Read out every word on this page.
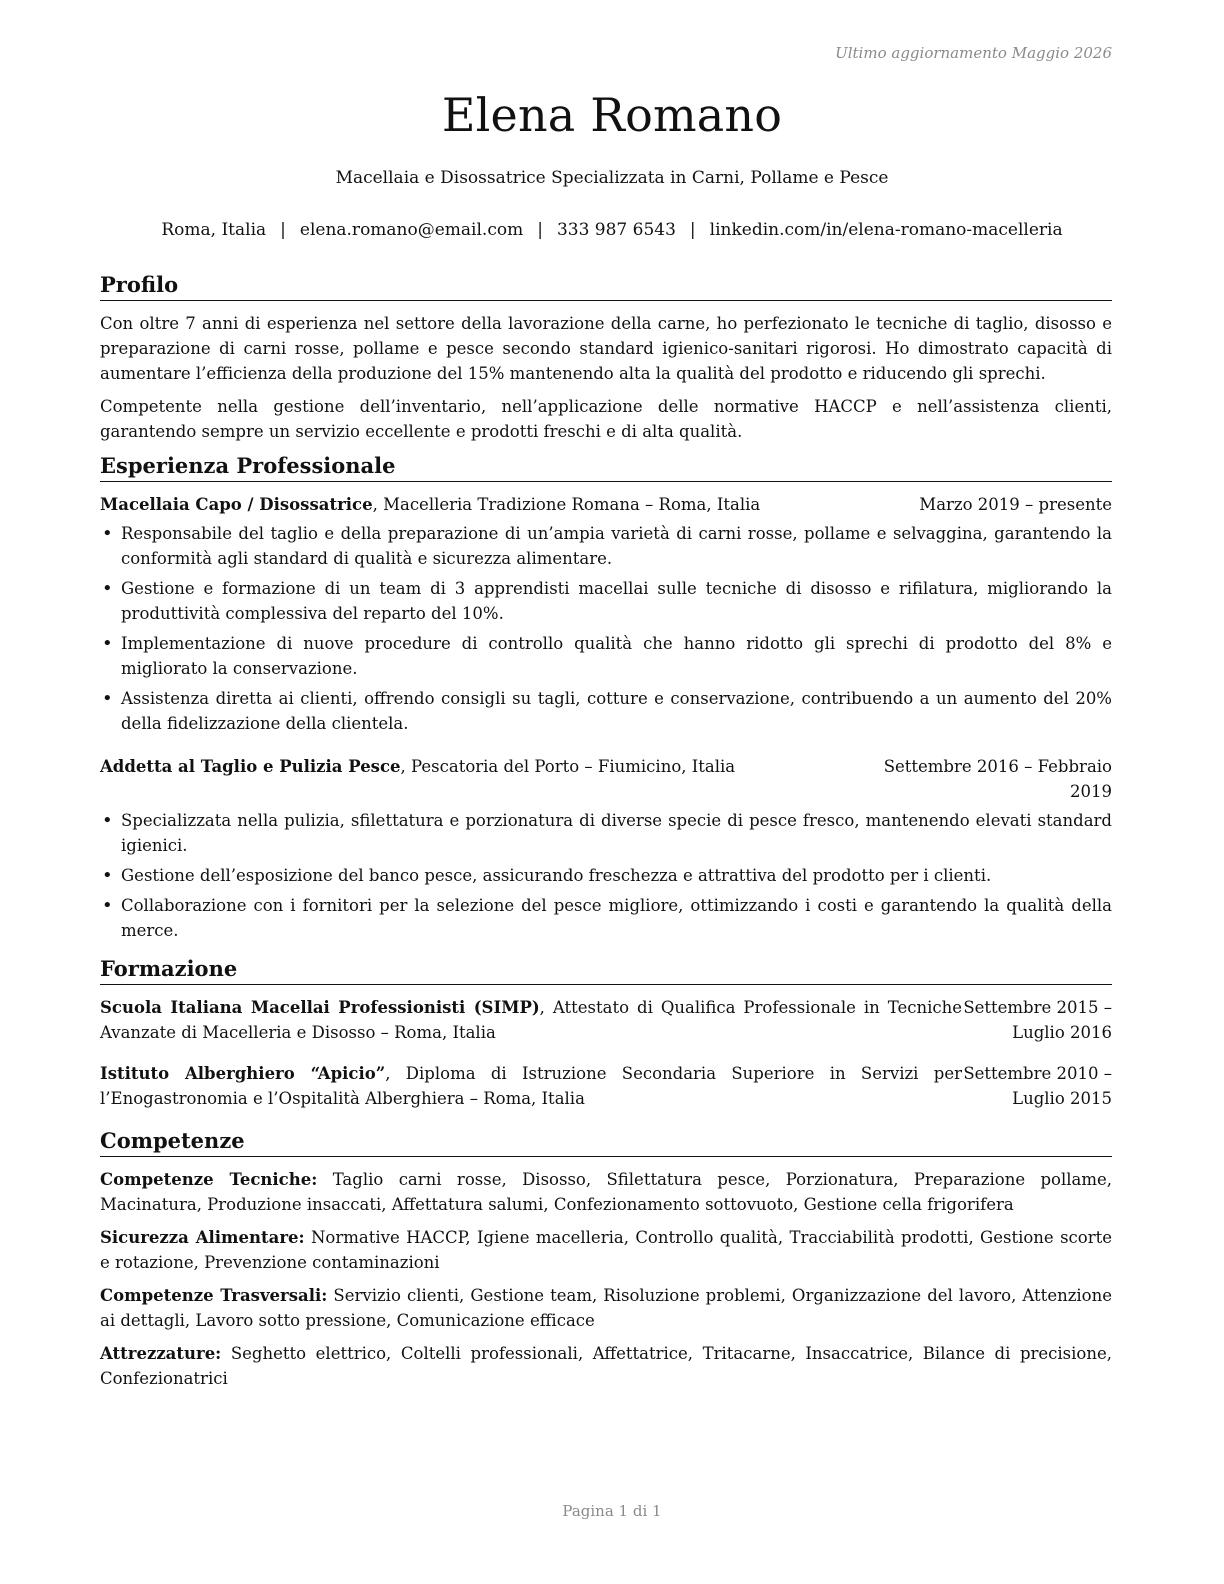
Ultimo aggiornamento Maggio 2026
Elena Romano
Macellaia e Disossatrice Specializzata in Carni, Pollame e Pesce
Roma, Italia | elena.romano@email.com | 333 987 6543 | linkedin.com/in/elena-romano-macelleria
Profilo

Con oltre 7 anni di esperienza nel settore della lavorazione della carne, ho perfezionato le tecniche di taglio, disosso e preparazione di carni rosse, pollame e pesce secondo standard igienico-sanitari rigorosi. Ho dimostrato capacità di aumentare l’efficienza della produzione del 15% mantenendo alta la qualità del prodotto e riducendo gli sprechi.

Competente nella gestione dell’inventario, nell’applicazione delle normative HACCP e nell’assistenza clienti, garantendo sempre un servizio eccellente e prodotti freschi e di alta qualità.

Esperienza Professionale
Macellaia Capo / Disossatrice, Macelleria Tradizione Romana – Roma, Italia	Marzo 2019 – presente
• Responsabile del taglio e della preparazione di un’ampia varietà di carni rosse, pollame e selvaggina, garantendo la conformità agli standard di qualità e sicurezza alimentare.
• Gestione e formazione di un team di 3 apprendisti macellai sulle tecniche di disosso e rifilatura, migliorando la produttività complessiva del reparto del 10%.
• Implementazione di nuove procedure di controllo qualità che hanno ridotto gli sprechi di prodotto del 8% e migliorato la conservazione.
• Assistenza diretta ai clienti, offrendo consigli su tagli, cotture e conservazione, contribuendo a un aumento del 20% della fidelizzazione della clientela.
Addetta al Taglio e Pulizia Pesce, Pescatoria del Porto – Fiumicino, Italia	Settembre 2016 – Febbraio 2019
• Specializzata nella pulizia, sfilettatura e porzionatura di diverse specie di pesce fresco, mantenendo elevati standard igienici.
• Gestione dell’esposizione del banco pesce, assicurando freschezza e attrattiva del prodotto per i clienti.
• Collaborazione con i fornitori per la selezione del pesce migliore, ottimizzando i costi e garantendo la qualità della merce.
Formazione
Scuola Italiana Macellai Professionisti (SIMP), Attestato di Qualifica Professionale in Tecniche Avanzate di Macelleria e Disosso – Roma, Italia
Settembre 2015 – Luglio 2016
Istituto Alberghiero “Apicio”, Diploma di Istruzione Secondaria Superiore in Servizi per l’Enogastronomia e l’Ospitalità Alberghiera – Roma, Italia
Settembre 2010 – Luglio 2015
Competenze
Competenze Tecniche: Taglio carni rosse, Disosso, Sfilettatura pesce, Porzionatura, Preparazione pollame, Macinatura, Produzione insaccati, Affettatura salumi, Confezionamento sottovuoto, Gestione cella frigorifera
Sicurezza Alimentare: Normative HACCP, Igiene macelleria, Controllo qualità, Tracciabilità prodotti, Gestione scorte e rotazione, Prevenzione contaminazioni
Competenze Trasversali: Servizio clienti, Gestione team, Risoluzione problemi, Organizzazione del lavoro, Attenzione ai dettagli, Lavoro sotto pressione, Comunicazione efficace
Attrezzature: Seghetto elettrico, Coltelli professionali, Affettatrice, Tritacarne, Insaccatrice, Bilance di precisione, Confezionatrici
Pagina 1 di 1
